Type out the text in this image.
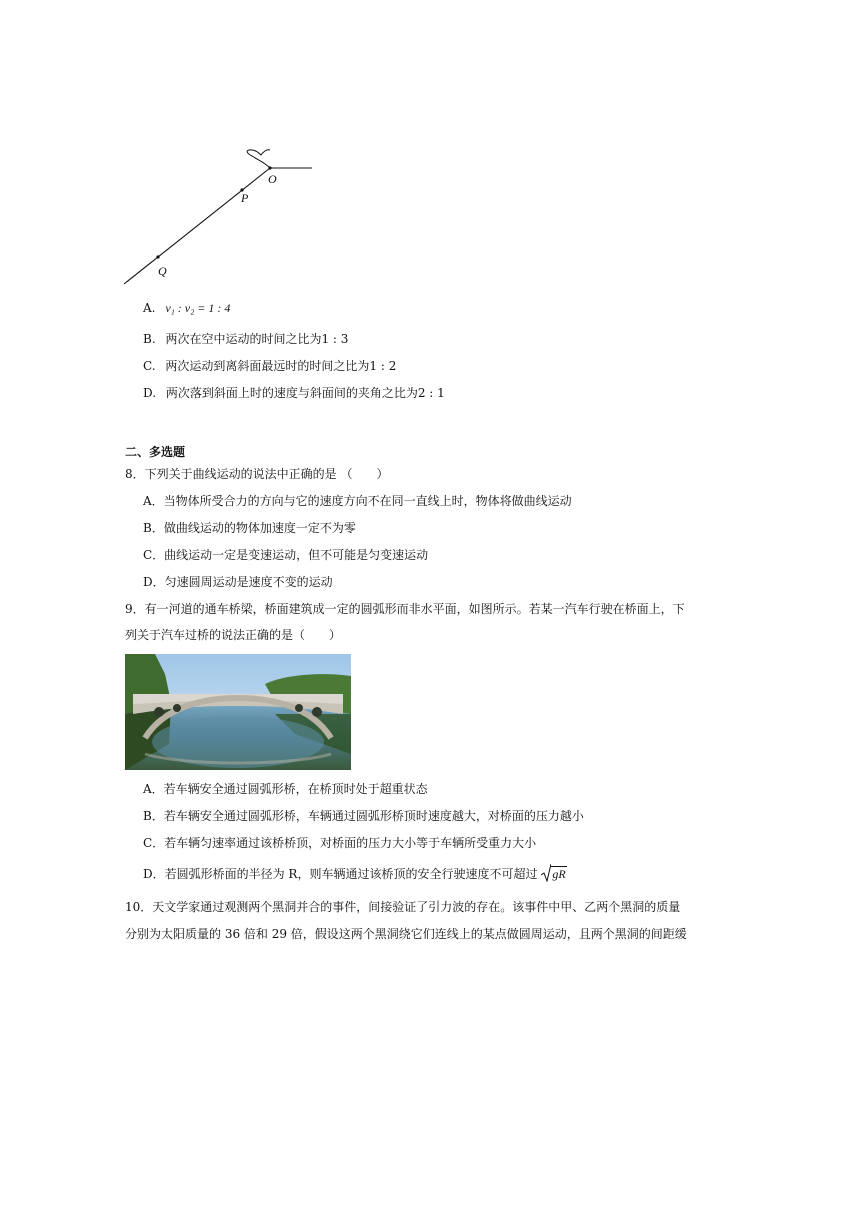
O
P
Q
A. v₁ : v₂ = 1 : 4
B. 两次在空中运动的时间之比为1 : 3
C. 两次运动到离斜面最远时的时间之比为1 : 2
D. 两次落到斜面上时的速度与斜面间的夹角之比为2 : 1
二、多选题
8．下列关于曲线运动的说法中正确的是 （　　）
A．当物体所受合力的方向与它的速度方向不在同一直线上时，物体将做曲线运动
B．做曲线运动的物体加速度一定不为零
C．曲线运动一定是变速运动，但不可能是匀变速运动
D．匀速圆周运动是速度不变的运动
9．有一河道的通车桥梁，桥面建筑成一定的圆弧形而非水平面，如图所示。若某一汽车行驶在桥面上，下
列关于汽车过桥的说法正确的是（　　）
A．若车辆安全通过圆弧形桥，在桥顶时处于超重状态
B．若车辆安全通过圆弧形桥，车辆通过圆弧形桥顶时速度越大，对桥面的压力越小
C．若车辆匀速率通过该桥桥顶，对桥面的压力大小等于车辆所受重力大小
D．若圆弧形桥面的半径为 R，则车辆通过该桥顶的安全行驶速度不可超过 gR
10．天文学家通过观测两个黑洞并合的事件，间接验证了引力波的存在。该事件中甲、乙两个黑洞的质量
分别为太阳质量的 36 倍和 29 倍，假设这两个黑洞绕它们连线上的某点做圆周运动，且两个黑洞的间距缓
